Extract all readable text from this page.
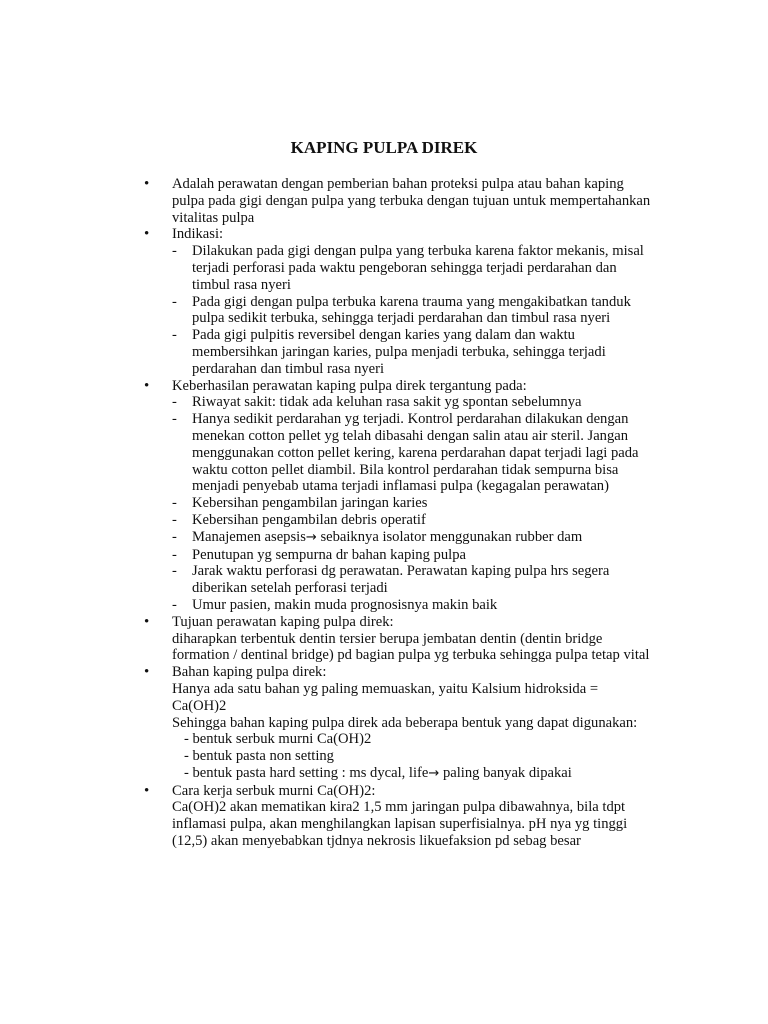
KAPING PULPA DIREK
•
Adalah perawatan dengan pemberian bahan proteksi pulpa atau bahan kaping pulpa pada gigi dengan pulpa yang terbuka dengan tujuan untuk mempertahankan vitalitas pulpa
•
Indikasi:
- Dilakukan pada gigi dengan pulpa yang terbuka karena faktor mekanis, misal terjadi perforasi pada waktu pengeboran sehingga terjadi perdarahan dan timbul rasa nyeri
- Pada gigi dengan pulpa terbuka karena trauma yang mengakibatkan tanduk pulpa sedikit terbuka, sehingga terjadi perdarahan dan timbul rasa nyeri
- Pada gigi pulpitis reversibel dengan karies yang dalam dan waktu membersihkan jaringan karies, pulpa menjadi terbuka, sehingga terjadi perdarahan dan timbul rasa nyeri
•
Keberhasilan perawatan kaping pulpa direk tergantung pada:
- Riwayat sakit: tidak ada keluhan rasa sakit yg spontan sebelumnya
- Hanya sedikit perdarahan yg terjadi. Kontrol perdarahan dilakukan dengan menekan cotton pellet yg telah dibasahi dengan salin atau air steril. Jangan menggunakan cotton pellet kering, karena perdarahan dapat terjadi lagi pada waktu cotton pellet diambil. Bila kontrol perdarahan tidak sempurna bisa menjadi penyebab utama terjadi inflamasi pulpa (kegagalan perawatan)
- Kebersihan pengambilan jaringan karies
- Kebersihan pengambilan debris operatif
- Manajemen asepsis→ sebaiknya isolator menggunakan rubber dam
- Penutupan yg sempurna dr bahan kaping pulpa
- Jarak waktu perforasi dg perawatan. Perawatan kaping pulpa hrs segera diberikan setelah perforasi terjadi
- Umur pasien, makin muda prognosisnya makin baik
•
Tujuan perawatan kaping pulpa direk:
diharapkan terbentuk dentin tersier berupa jembatan dentin (dentin bridge formation / dentinal bridge) pd bagian pulpa yg terbuka sehingga pulpa tetap vital
•
Bahan kaping pulpa direk:
Hanya ada satu bahan yg paling memuaskan, yaitu Kalsium hidroksida = Ca(OH)2
Sehingga bahan kaping pulpa direk ada beberapa bentuk yang dapat digunakan:
- bentuk serbuk murni Ca(OH)2
- bentuk pasta non setting
- bentuk pasta hard setting : ms dycal, life→ paling banyak dipakai
•
Cara kerja serbuk murni Ca(OH)2:
Ca(OH)2 akan mematikan kira2 1,5 mm jaringan pulpa dibawahnya, bila tdpt inflamasi pulpa, akan menghilangkan lapisan superfisialnya. pH nya yg tinggi (12,5) akan menyebabkan tjdnya nekrosis likuefaksion pd sebag besar
